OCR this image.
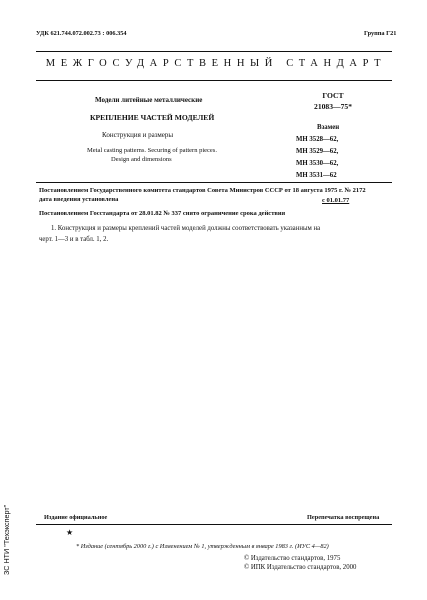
УДК 621.744.072.002.73 : 006.354	Группа Г21
МЕЖГОСУДАРСТВЕННЫЙ СТАНДАРТ
Модели литейные металлические
КРЕПЛЕНИЕ ЧАСТЕЙ МОДЕЛЕЙ
Конструкция и размеры
Metal casting patterns. Securing of pattern pieces.
Design and dimensions
ГОСТ
21083—75*
Взамен
МН 3528—62,
МН 3529—62,
МН 3530—62,
МН 3531—62
Постановлением Государственного комитета стандартов Совета Министров СССР от 18 августа 1975 г. № 2172
дата введения установлена	с 01.01.77
Постановлением Госстандарта от 28.01.82 № 337 снято ограничение срока действия
1. Конструкция и размеры креплений частей моделей должны соответствовать указанным на
черт. 1—3 и в табл. 1, 2.
ЗС НТИ "Техэксперт"	Издание официальное	Перепечатка воспрещена
★
* Издание (сентябрь 2000 г.) с Изменением № 1, утвержденным в январе 1983 г. (ИУС 4—82)
© Издательство стандартов, 1975
© ИПК Издательство стандартов, 2000
